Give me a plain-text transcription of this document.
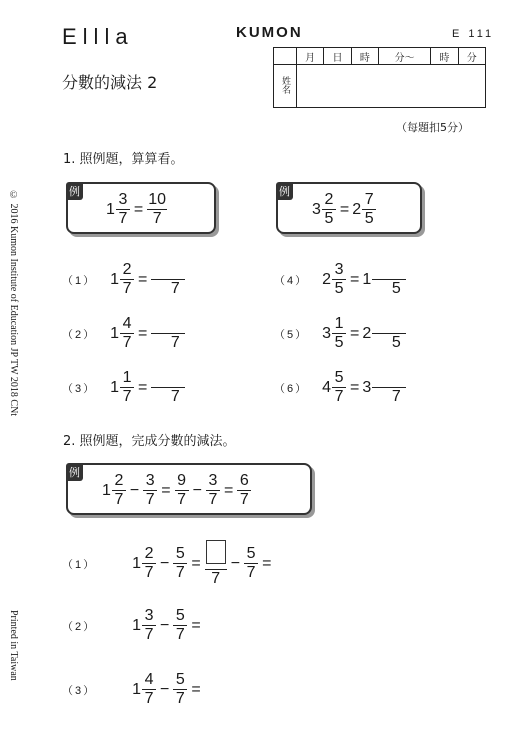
Ellla	KUMON	E 111
分數的減法 2
	月	日	時	分～	時	分
姓名						
（每題扣5分）
© 2016 Kumon Institute of Education JP TW 2018 CNt
Printed in Taiwan
1. 照例題，算算看。
例
$1 \frac{3}{7} = \frac{10}{7}$
例
$3 \frac{2}{5} = 2 \frac{7}{5}$
（1） $1 \frac{2}{7}$ =
7
（2） $1 \frac{4}{7}$ =
7
（3） $1 \frac{1}{7}$ =
7
（4） $2 \frac{3}{5} = 1$
5
（5） $3 \frac{1}{5} = 2$
5
（6） $4 \frac{5}{7} = 3$
7
2. 照例題，完成分數的減法。
例
$1 \frac{2}{7} - \frac{3}{7} = \frac{9}{7} - \frac{3}{7} = \frac{6}{7}$
（1） $1 \frac{2}{7} - \frac{5}{7}$ =
7
− $\frac{5}{7}$ =
（2） $1 \frac{3}{7} - \frac{5}{7}$ =
（3） $1 \frac{4}{7} - \frac{5}{7}$ =
